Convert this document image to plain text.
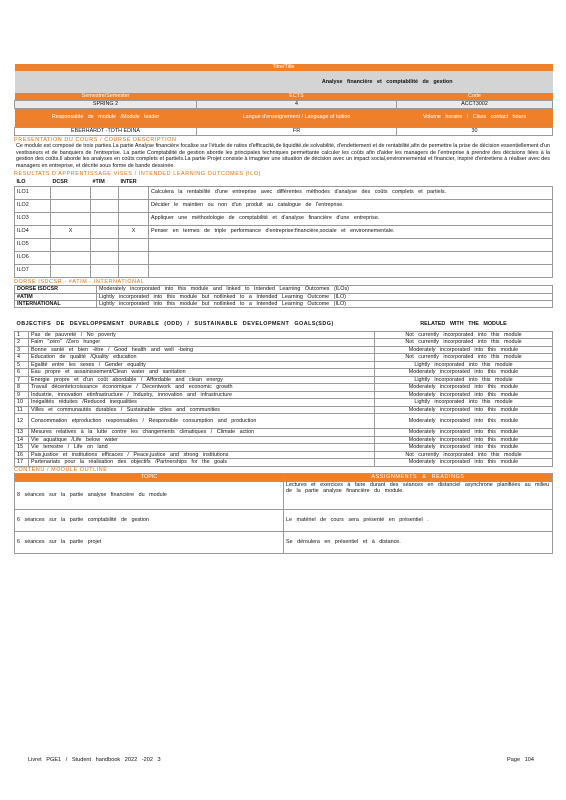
Titre/Title		
Analyse financière et comptabilité de gestion		
Semestre/Semester	ECTS	Code
SPRING 2	4	ACCT3002
Responsable de module /Module leader	Langue d'enseignement / Language of tuition	Volume horaire / Class contact hours
EBERHARDT -TOTH EDINA	FR	30
PRESENTATION DU COURS / COURSE DESCRIPTION
Ce module est composé de trois parties.La partie Analyse financière focalise sur l'étude de ratios d'efficacité,de liquidité,de solvabilité, d'endettement et de rentabilité,afin de permettre la prise de décision essentiellement d'un vestisseurs et de banquiers de l'entreprise. La partie Comptabilité de gestion aborde les principales techniques permettante calculer les coûts afin d'aider les managers de l'entreprise à prendre des décisions liées à la gestion des coûts.Il aborde les analyses en coûts complets et partiels.La partie Projet consiste à imaginer une situation de décision avec un impact social,environnemental et financier, inspiré d'entretiens à réaliser avec des managers en entreprise, et décrite sous forme de bande dessinée.
RESULTATS D'APPRENTISSAGE VISES / INTENDED LEARNING OUTCOMES (ILO)
ILO	DCSR	#TIM	INTER	
ILO1				Calculera la rentabilité d'une entreprise avec différentes méthodes d'analyse des coûts complets et partiels.
ILO2				Décider le maintien ou non d'un produit au catalogue de l'entreprise.
ILO3				Appliquer une méthodologie de comptabilité et d'analyse financière d'une entreprise.
ILO4	X		X	Penser en termes de triple performance d'entreprise:financière,sociale et environnementale.
ILO5				
ILO6				
ILO7				
DORSE ISDCSR - #ATIM - INTERNATIONAL
DORSE ISDCSR	Moderately incorporated into this module and linked to Intended Learning Outcomes (ILOs)
#ATIM	Lightly incorporated into this module but notlinked to a Intended Learning Outcome (ILO)
INTERNATIONAL	Lightly incorporated into this module but notlinked to a Intended Learning Outcome (ILO)
OBJECTIFS DE DEVELOPPEMENT DURABLE (ODD) / SUSTAINABLE DEVELOPMENT GOALS(SDG)		RELATED WITH THE MODULE
1	Pas de pauvreté / No poverty	Not currently incorporated into this module
2	Faim "zéro" /Zero hunger	Not currently incorporated into this module
3	Bonne santé et bien -être / Good health and well -being	Moderately incorporated into this module
4	Education de qualité /Quality education	Not currently incorporated into this module
5	Egalité entre les sexes / Gender equality	Lightly incorporated into this module
6	Eau propre et assainissement/Clean water and sanitation	Moderately incorporated into this module
7	Energie propre et d'un coût abordable / Affordable and clean energy	Lightly incorporated into this module
8	Travail décentetcroissance économique / Decentwork and economic growth	Moderately incorporated into this module
9	Industrie, innovation etinfrastructure / Industry, innovation and infrastructure	Moderately incorporated into this module
10	Inégalités réduites /Reduced inequalities	Lightly incorporated into this module
11	Villes et communautés durables / Sustainable cities and communities	Moderately incorporated into this module
12	Consommation etproduction responsables / Responsible consumption and production	Moderately incorporated into this module
13	Mesures relatives à la lutte contre les changements climatiques / Climate action	Moderately incorporated into this module
14	Vie aquatique /Life below water	Moderately incorporated into this module
15	Vie terrestre / Life on land	Moderately incorporated into this module
16	Paix,justice et institutions efficaces / Peace,justice and strong institutions	Not currently incorporated into this module
17	Partenariats pour la réalisation des objectifs /Partnerships for the goals	Moderately incorporated into this module
CONTENU / MODULE OUTLINE
TOPIC	ASSIGNMENTS & READINGS
8 séances sur la partie analyse financière du module	Lectures et exercices à faire durant des séances en distanciel asynchrone planifiées au milieu de la partie analyse financière du module.
6 séances sur la partie comptabilité de gestion	Le matériel de cours sera présenté en présentiel .
6 séances sur la partie projet	Se déroulera en présentiel et à distance.
Livret PGE1 / Student handbook 2022 -202 3	Page 104
